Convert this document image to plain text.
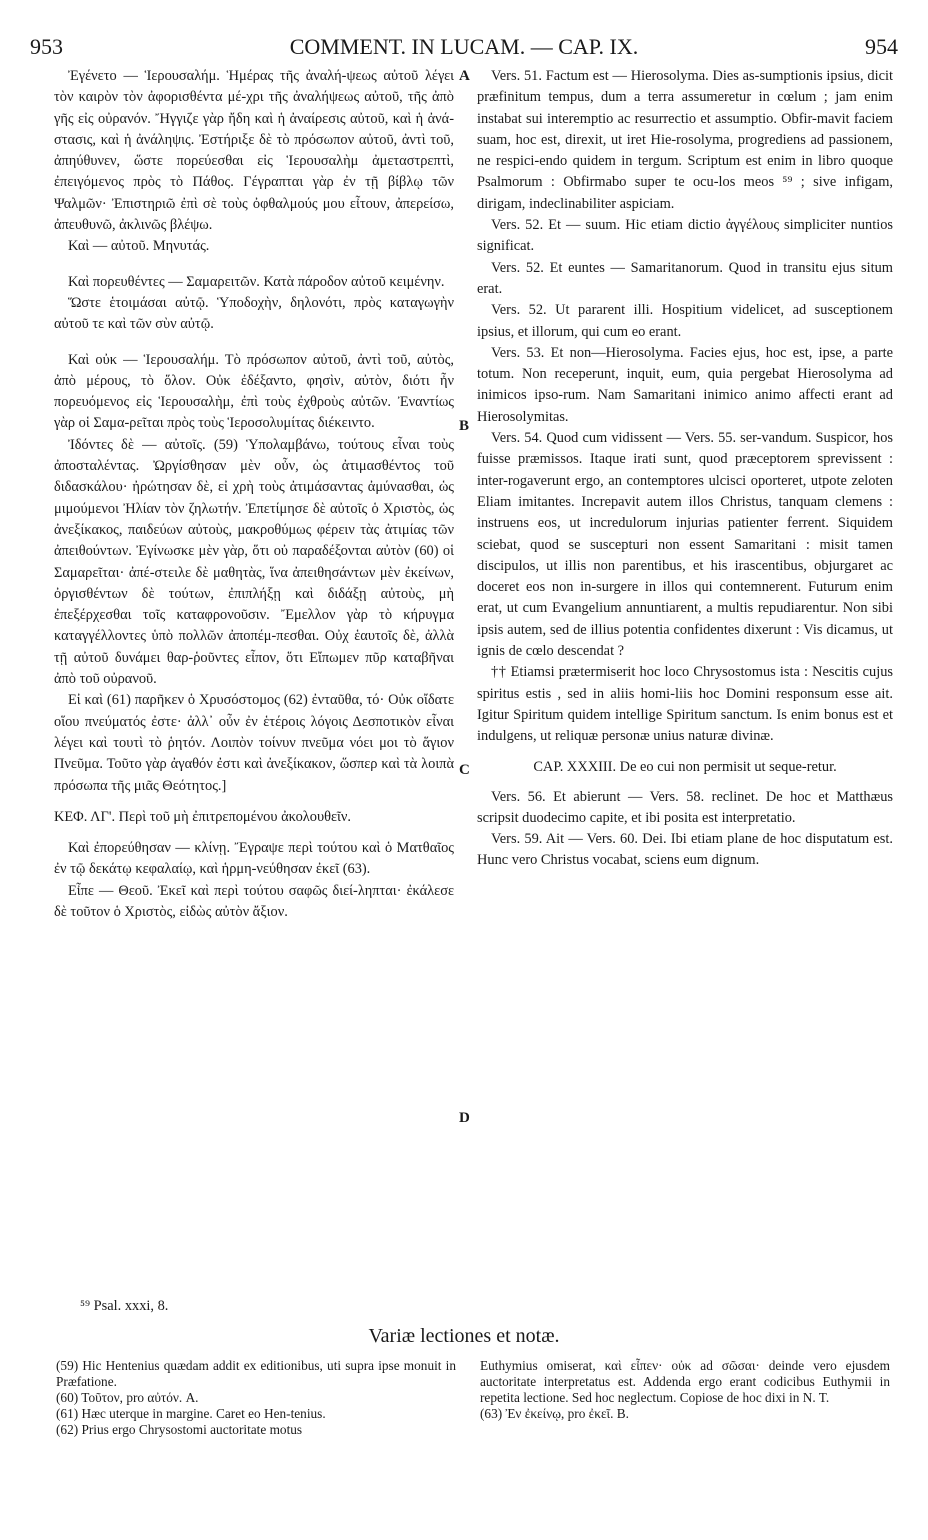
953	COMMENT. IN LUCAM. — CAP. IX.	954

Ἐγένετο — Ἱερουσαλήμ. Ἡμέρας τῆς ἀναλή-ψεως αὐτοῦ λέγει τὸν καιρὸν τὸν ἀφορισθέντα μέ-χρι τῆς ἀναλήψεως αὐτοῦ, τῆς ἀπὸ γῆς εἰς οὐρανόν. Ἤγγιζε γὰρ ἤδη καὶ ἡ ἀναίρεσις αὐτοῦ, καὶ ἡ ἀνά-στασις, καὶ ἡ ἀνάληψις. Ἐστήριξε δὲ τὸ πρόσωπον αὐτοῦ, ἀντὶ τοῦ, ἀπηύθυνεν, ὥστε πορεύεσθαι εἰς Ἱερουσαλὴμ ἀμεταστρεπτὶ, ἐπειγόμενος πρὸς τὸ Πάθος. Γέγραπται γὰρ ἐν τῇ βίβλῳ τῶν Ψαλμῶν· Ἐπιστηριῶ ἐπὶ σὲ τοὺς ὀφθαλμούς μου εἶτουν, ἀπερείσω, ἀπευθυνῶ, ἀκλινῶς βλέψω.

Καὶ — αὐτοῦ. Μηνυτάς.

Καὶ πορευθέντες — Σαμαρειτῶν. Κατὰ πάροδον αὐτοῦ κειμένην.

Ὥστε ἑτοιμάσαι αὐτῷ. Ὑποδοχὴν, δηλονότι, πρὸς καταγωγὴν αὐτοῦ τε καὶ τῶν σὺν αὐτῷ.

Καὶ οὐκ — Ἱερουσαλήμ. Τὸ πρόσωπον αὐτοῦ, ἀντὶ τοῦ, αὐτὸς, ἀπὸ μέρους, τὸ ὅλον. Οὐκ ἐδέξαντο, φησὶν, αὐτὸν, διότι ἦν πορευόμενος εἰς Ἱερουσαλὴμ, ἐπὶ τοὺς ἐχθροὺς αὐτῶν. Ἐναντίως γὰρ οἱ Σαμα-ρεῖται πρὸς τοὺς Ἱεροσολυμίτας διέκειντο.

Ἰδόντες δὲ — αὐτοῖς. (59) Ὑπολαμβάνω, τούτους εἶναι τοὺς ἀποσταλέντας. Ὠργίσθησαν μὲν οὖν, ὡς ἀτιμασθέντος τοῦ διδασκάλου· ἠρώτησαν δὲ, εἰ χρὴ τοὺς ἀτιμάσαντας ἀμύνασθαι, ὡς μιμούμενοι Ἠλίαν τὸν ζηλωτήν. Ἐπετίμησε δὲ αὐτοῖς ὁ Χριστὸς, ὡς ἀνεξίκακος, παιδεύων αὐτοὺς, μακροθύμως φέρειν τὰς ἀτιμίας τῶν ἀπειθούντων. Ἐγίνωσκε μὲν γὰρ, ὅτι οὐ παραδέξονται αὐτὸν (60) οἱ Σαμαρεῖται· ἀπέ-στειλε δὲ μαθητὰς, ἵνα ἀπειθησάντων μὲν ἐκείνων, ὀργισθέντων δὲ τούτων, ἐπιπλήξῃ καὶ διδάξῃ αὐτοὺς, μὴ ἐπεξέρχεσθαι τοῖς καταφρονοῦσιν. Ἔμελλον γὰρ τὸ κήρυγμα καταγγέλλοντες ὑπὸ πολλῶν ἀποπέμ-πεσθαι. Οὐχ ἑαυτοῖς δὲ, ἀλλὰ τῇ αὐτοῦ δυνάμει θαρ-ῥοῦντες εἶπον, ὅτι Εἴπωμεν πῦρ καταβῆναι ἀπὸ τοῦ οὐρανοῦ.

Εἰ καὶ (61) παρῆκεν ὁ Χρυσόστομος (62) ἐνταῦθα, τό· Οὐκ οἴδατε οἵου πνεύματός ἐστε· ἀλλ᾽ οὖν ἐν ἑτέροις λόγοις Δεσποτικὸν εἶναι λέγει καὶ τουτὶ τὸ ῥητόν. Λοιπὸν τοίνυν πνεῦμα νόει μοι τὸ ἅγιον Πνεῦμα. Τοῦτο γὰρ ἀγαθόν ἐστι καὶ ἀνεξίκακον, ὥσπερ καὶ τὰ λοιπὰ πρόσωπα τῆς μιᾶς Θεότητος.]

ΚΕΦ. ΛΓ'. Περὶ τοῦ μὴ ἐπιτρεπομένου ἀκολουθεῖν.

Καὶ ἐπορεύθησαν — κλίνῃ. Ἔγραψε περὶ τούτου καὶ ὁ Ματθαῖος ἐν τῷ δεκάτῳ κεφαλαίῳ, καὶ ἡρμη-νεύθησαν ἐκεῖ (63).

Εἶπε — Θεοῦ. Ἐκεῖ καὶ περὶ τούτου σαφῶς διεί-ληπται· ἐκάλεσε δὲ τοῦτον ὁ Χριστὸς, εἰδὼς αὐτὸν ἄξιον.

Vers. 51. Factum est — Hierosolyma. Dies as-sumptionis ipsius, dicit præfinitum tempus, dum a terra assumeretur in cœlum ; jam enim instabat sui interemptio ac resurrectio et assumptio. Obfir-mavit faciem suam, hoc est, direxit, ut iret Hie-rosolyma, progrediens ad passionem, ne respici-endo quidem in tergum. Scriptum est enim in libro quoque Psalmorum : Obfirmabo super te ocu-los meos ⁵⁹ ; sive infigam, dirigam, indeclinabiliter aspiciam.

Vers. 52. Et — suum. Hic etiam dictio ἀγγέλους simpliciter nuntios significat.

Vers. 52. Et euntes — Samaritanorum. Quod in transitu ejus situm erat.

Vers. 52. Ut pararent illi. Hospitium videlicet, ad susceptionem ipsius, et illorum, qui cum eo erant.

Vers. 53. Et non—Hierosolyma. Facies ejus, hoc est, ipse, a parte totum. Non receperunt, inquit, eum, quia pergebat Hierosolyma ad inimicos ipso-rum. Nam Samaritani inimico animo affecti erant ad Hierosolymitas.

Vers. 54. Quod cum vidissent — Vers. 55. ser-vandum. Suspicor, hos fuisse præmissos. Itaque irati sunt, quod præceptorem sprevissent : inter-rogaverunt ergo, an contemptores ulcisci oporteret, utpote zeloten Eliam imitantes. Increpavit autem illos Christus, tanquam clemens : instruens eos, ut incredulorum injurias patienter ferrent. Siquidem sciebat, quod se suscepturi non essent Samaritani : misit tamen discipulos, ut illis non parentibus, et his irascentibus, objurgaret ac doceret eos non in-surgere in illos qui contemnerent. Futurum enim erat, ut cum Evangelium annuntiarent, a multis repudiarentur. Non sibi ipsis autem, sed de illius potentia confidentes dixerunt : Vis dicamus, ut ignis de cœlo descendat ?

†† Etiamsi prætermiserit hoc loco Chrysostomus ista : Nescitis cujus spiritus estis , sed in aliis homi-liis hoc Domini responsum esse ait. Igitur Spiritum quidem intellige Spiritum sanctum. Is enim bonus est et indulgens, ut reliquæ personæ unius naturæ divinæ.

CAP. XXXIII. De eo cui non permisit ut seque-retur.

Vers. 56. Et abierunt — Vers. 58. reclinet. De hoc et Matthæus scripsit duodecimo capite, et ibi posita est interpretatio.

Vers. 59. Ait — Vers. 60. Dei. Ibi etiam plane de hoc disputatum est. Hunc vero Christus vocabat, sciens eum dignum.

A
B
C
D
⁵⁹ Psal. xxxi, 8.
Variæ lectiones et notæ.

(59) Hic Hentenius quædam addit ex editionibus, uti supra ipse monuit in Præfatione.

(60) Τοῦτον, pro αὐτόν. A.

(61) Hæc uterque in margine. Caret eo Hen-tenius.

(62) Prius ergo Chrysostomi auctoritate motus

Euthymius omiserat, καὶ εἶπεν· οὐκ ad σῶσαι· deinde vero ejusdem auctoritate interpretatus est. Addenda ergo erant codicibus Euthymii in repetita lectione. Sed hoc neglectum. Copiose de hoc dixi in N. T.

(63) Ἐν ἐκείνῳ, pro ἐκεῖ. B.
